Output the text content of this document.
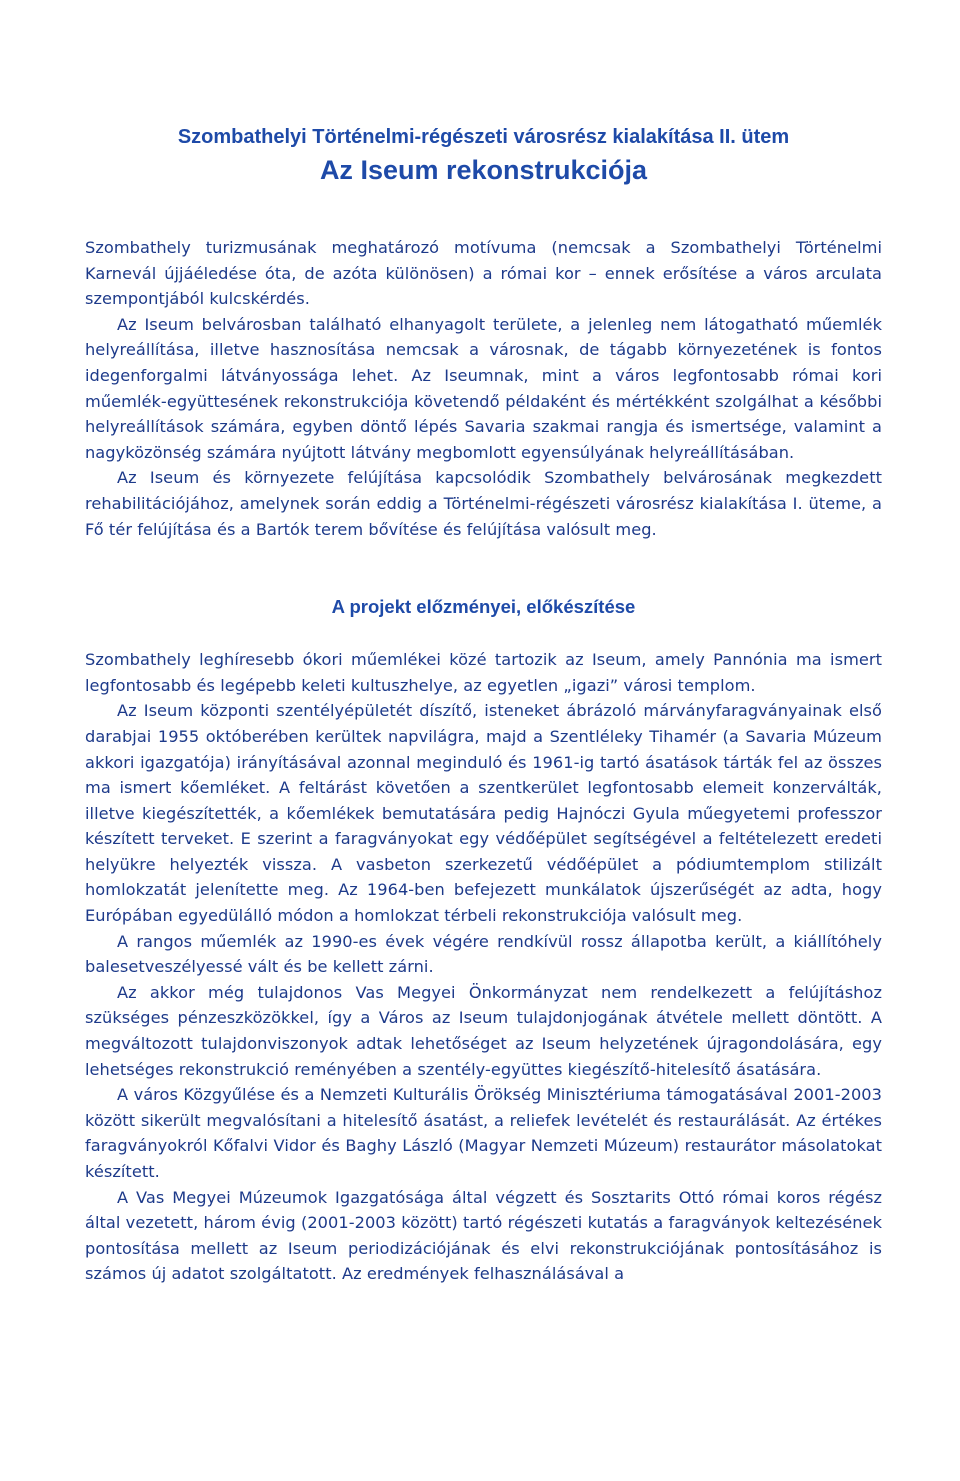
Szombathelyi Történelmi-régészeti városrész kialakítása II. ütem
Az Iseum rekonstrukciója

Szombathely turizmusának meghatározó motívuma (nemcsak a Szombathelyi Történelmi Karnevál újjáéledése óta, de azóta különösen) a római kor – ennek erősítése a város arculata szempontjából kulcskérdés.

Az Iseum belvárosban található elhanyagolt területe, a jelenleg nem látogatható műemlék helyreállítása, illetve hasznosítása nemcsak a városnak, de tágabb környezetének is fontos idegenforgalmi látványossága lehet. Az Iseumnak, mint a város legfontosabb római kori műemlék-együttesének rekonstrukciója követendő példaként és mértékként szolgálhat a későbbi helyreállítások számára, egyben döntő lépés Savaria szakmai rangja és ismertsége, valamint a nagyközönség számára nyújtott látvány megbomlott egyensúlyának helyreállításában.

Az Iseum és környezete felújítása kapcsolódik Szombathely belvárosának megkezdett rehabilitációjához, amelynek során eddig a Történelmi-régészeti városrész kialakítása I. üteme, a Fő tér felújítása és a Bartók terem bővítése és felújítása valósult meg.

A projekt előzményei, előkészítése

Szombathely leghíresebb ókori műemlékei közé tartozik az Iseum, amely Pannónia ma ismert legfontosabb és legépebb keleti kultuszhelye, az egyetlen „igazi” városi templom.

Az Iseum központi szentélyépületét díszítő, isteneket ábrázoló márványfaragványainak első darabjai 1955 októberében kerültek napvilágra, majd a Szentléleky Tihamér (a Savaria Múzeum akkori igazgatója) irányításával azonnal meginduló és 1961-ig tartó ásatások tárták fel az összes ma ismert kőemléket. A feltárást követően a szentkerület legfontosabb elemeit konzerválták, illetve kiegészítették, a kőemlékek bemutatására pedig Hajnóczi Gyula műegyetemi professzor készített terveket. E szerint a faragványokat egy védőépület segítségével a feltételezett eredeti helyükre helyezték vissza. A vasbeton szerkezetű védőépület a pódiumtemplom stilizált homlokzatát jelenítette meg. Az 1964-ben befejezett munkálatok újszerűségét az adta, hogy Európában egyedülálló módon a homlokzat térbeli rekonstrukciója valósult meg.

A rangos műemlék az 1990-es évek végére rendkívül rossz állapotba került, a kiállítóhely balesetveszélyessé vált és be kellett zárni.

Az akkor még tulajdonos Vas Megyei Önkormányzat nem rendelkezett a felújításhoz szükséges pénzeszközökkel, így a Város az Iseum tulajdonjogának átvétele mellett döntött. A megváltozott tulajdonviszonyok adtak lehetőséget az Iseum helyzetének újragondolására, egy lehetséges rekonstrukció reményében a szentély-együttes kiegészítő-hitelesítő ásatására.

A város Közgyűlése és a Nemzeti Kulturális Örökség Minisztériuma támogatásával 2001-2003 között sikerült megvalósítani a hitelesítő ásatást, a reliefek levételét és restaurálását. Az értékes faragványokról Kőfalvi Vidor és Baghy László (Magyar Nemzeti Múzeum) restaurátor másolatokat készített.

A Vas Megyei Múzeumok Igazgatósága által végzett és Sosztarits Ottó római koros régész által vezetett, három évig (2001-2003 között) tartó régészeti kutatás a faragványok keltezésének pontosítása mellett az Iseum periodizációjának és elvi rekonstrukciójának pontosításához is számos új adatot szolgáltatott. Az eredmények felhasználásával a
